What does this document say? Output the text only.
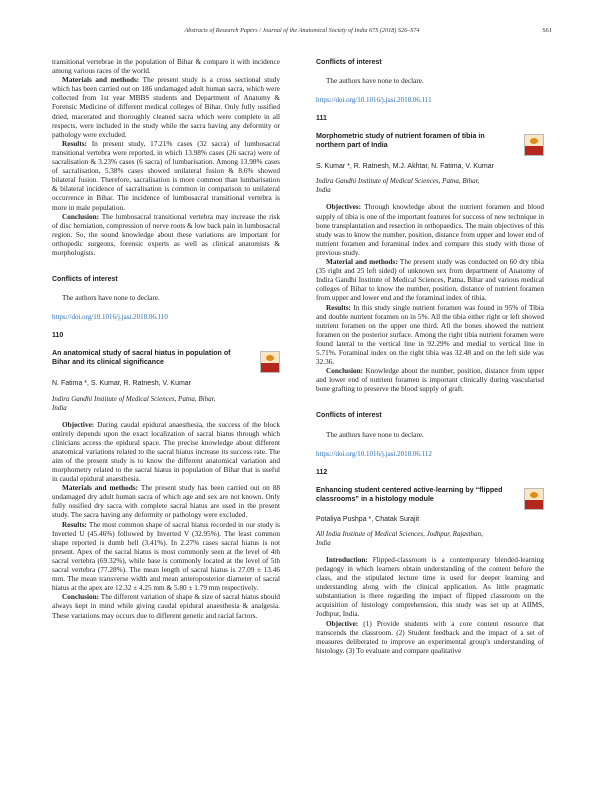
Abstracts of Research Papers / Journal of the Anatomical Society of India 67S (2018) S26–S74	S61

transitional vertebrae in the population of Bihar & compare it with incidence among various races of the world.

Materials and methods: The present study is a cross sectional study which has been carried out on 186 undamaged adult human sacra, which were collected from 1st year MBBS students and Department of Anatomy & Forensic Medicine of different medical colleges of Bihar. Only fully ossified dried, macerated and thoroughly cleaned sacra which were complete in all respects, were included in the study while the sacra having any deformity or pathology were excluded.

Results: In present study, 17.21% cases (32 sacra) of lumbosacral transitional vertebra were reported, in which 13.98% cases (26 sacra) were of sacralisation & 3.23% cases (6 sacra) of lumbarisation. Among 13.98% cases of sacralisation, 5.38% cases showed unilateral fusion & 8.6% showed bilateral fusion. Therefore, sacralisation is more common than lumbarisation & bilateral incidence of sacralisation is common in comparison to unilateral occurrence in Bihar. The incidence of lumbosacral transitional vertebra is more in male population.

Conclusion: The lumbosacral transitional vertebra may increase the risk of disc herniation, compression of nerve roots & low back pain in lumbosacral region. So, the sound knowledge about these variations are important for orthopedic surgeons, forensic experts as well as clinical anatomists & morphologists.

Conflicts of interest
The authors have none to declare.
https://doi.org/10.1016/j.jasi.2018.06.110
110
An anatomical study of sacral hiatus in population of Bihar and its clinical significance
N. Fatima *, S. Kumar, R. Ratnesh, V. Kumar
Indira Gandhi Institute of Medical Sciences, Patna, Bihar, India

Objective: During caudal epidural anaesthesia, the success of the block entirely depends upon the exact localization of sacral hiatus through which clinicians access the epidural space. The precise knowledge about different anatomical variations related to the sacral hiatus increase its success rate. The aim of the present study is to know the different anatomical variation and morphometry related to the sacral hiatus in population of Bihar that is useful in caudal epidural anaesthesia.

Materials and methods: The present study has been carried out on 88 undamaged dry adult human sacra of which age and sex are not known. Only fully ossified dry sacra with complete sacral hiatus are used in the present study. The sacra having any deformity or pathology were excluded.

Results: The most common shape of sacral hiatus recorded in our study is Inverted U (45.46%) followed by Inverted V (32.95%). The least common shape reported is dumb bell (3.41%). In 2.27% cases sacral hiatus is not present. Apex of the sacral hiatus is most commonly seen at the level of 4th sacral vertebra (69.32%), while base is commonly located at the level of 5th sacral vertebra (77.28%). The mean length of sacral hiatus is 27.09 ± 13.46 mm. The mean transverse width and mean anteroposterior diameter of sacral hiatus at the apex are 12.32 ± 4.25 mm & 5.80 ± 1.79 mm respectively.

Conclusion: The different variation of shape & size of sacral hiatus should always kept in mind while giving caudal epidural anaesthesia & analgesia. These variations may occurs due to different genetic and racial factors.

Conflicts of interest
The authors have none to declare.
https://doi.org/10.1016/j.jasi.2018.06.111
111
Morphometric study of nutrient foramen of tibia in northern part of India
S. Kumar *, R. Ratnesh, M.J. Akhtar, N. Fatima, V. Kumar
Indira Gandhi Institute of Medical Sciences, Patna, Bihar, India

Objectives: Through knowledge about the nutrient foramen and blood supply of tibia is one of the important features for success of new technique in bone transplantation and resection in orthopaedics. The main objectives of this study was to know the number, position, distance from upper and lower end of nutrient foramen and foraminal index and compare this study with those of previous study.

Material and methods: The present study was conducted on 60 dry tibia (35 right and 25 left sided) of unknown sex from department of Anatomy of Indira Gandhi Institute of Medical Sciences, Patna, Bihar and various medical colleges of Bihar to know the number, position, distance of nutrient foramen from upper and lower end and the foraminal index of tibia.

Results: In this study single nutrient foramen was found in 95% of Tibia and double nutrient foramen on in 5%. All the tibia either right or left showed nutrient foramen on the upper one third. All the bones showed the nutrient foramen on the posterior surface. Among the right tibia nutrient foramen were found lateral to the vertical line in 92.29% and medial to vertical line in 5.71%. Foraminal index on the right tibia was 32.48 and on the left side was 32.36.

Conclusion: Knowledge about the number, position, distance from upper and lower end of nutrient foramen is important clinically during vascularisd bone grafting to preserve the blood supply of graft.

Conflicts of interest
The authors have none to declare.
https://doi.org/10.1016/j.jasi.2018.06.112
112
Enhancing student centered active-learning by “flipped classrooms” in a histology module
Potaliya Pushpa *, Chatak Surajit
All India Institute of Medical Sciences, Jodhpur, Rajasthan, India

Introduction: Flipped-classroom is a contemporary blended-learning pedagogy in which learners obtain understanding of the content before the class, and the stipulated lecture time is used for deeper learning and understanding along with the clinical application. As little pragmatic substantiation is there regarding the impact of flipped classroom on the acquisition of histology comprehension, this study was set up at AIIMS, Jodhpur, India.

Objective: (1) Provide students with a core content resource that transcends the classroom. (2) Student feedback and the impact of a set of measures deliberated to improve an experimental group's understanding of histology. (3) To evaluate and compare qualitative
